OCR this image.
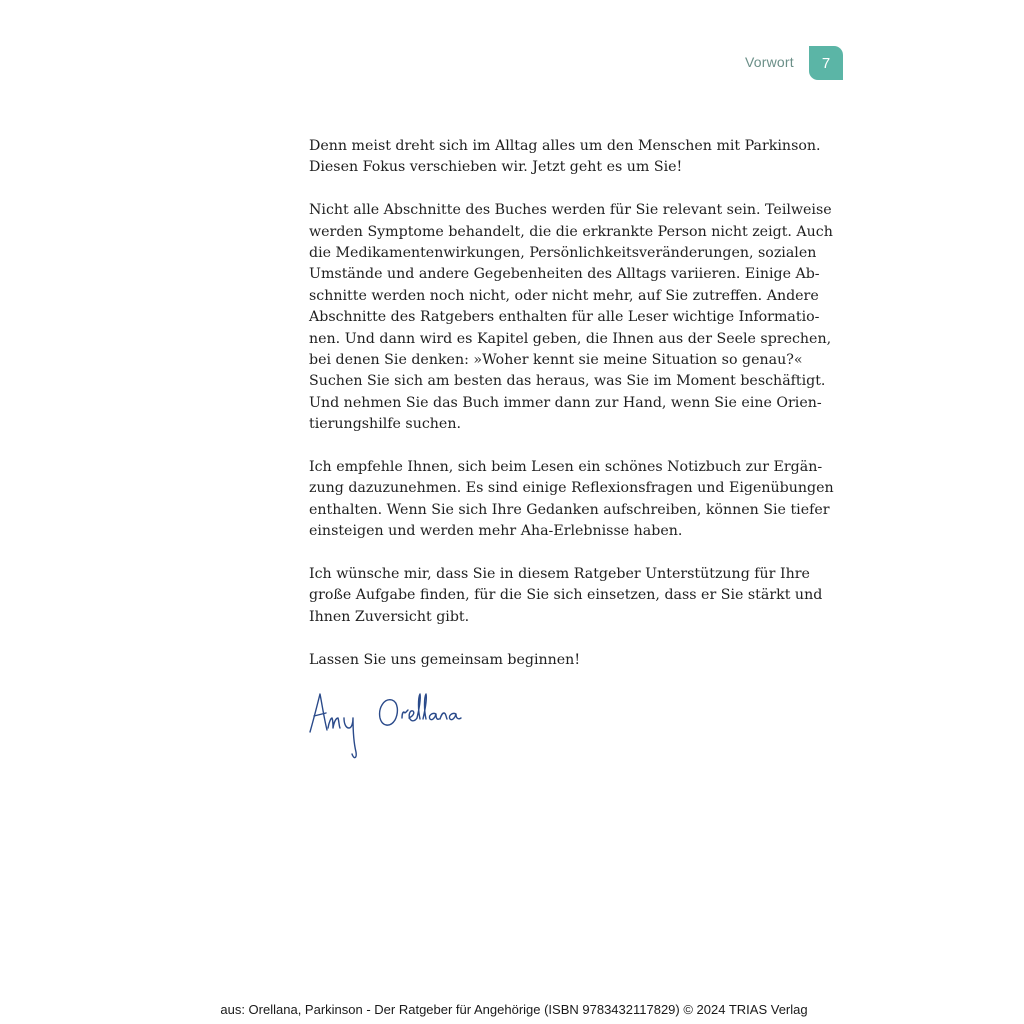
Vorwort 7
Denn meist dreht sich im Alltag alles um den Menschen mit Parkinson.
Diesen Fokus verschieben wir. Jetzt geht es um Sie!
Nicht alle Abschnitte des Buches werden für Sie relevant sein. Teilweise
werden Symptome behandelt, die die erkrankte Person nicht zeigt. Auch
die Medikamentenwirkungen, Persönlichkeitsveränderungen, sozialen
Umstände und andere Gegebenheiten des Alltags variieren. Einige Ab-
schnitte werden noch nicht, oder nicht mehr, auf Sie zutreffen. Andere
Abschnitte des Ratgebers enthalten für alle Leser wichtige Informatio-
nen. Und dann wird es Kapitel geben, die Ihnen aus der Seele sprechen,
bei denen Sie denken: »Woher kennt sie meine Situation so genau?«
Suchen Sie sich am besten das heraus, was Sie im Moment beschäftigt.
Und nehmen Sie das Buch immer dann zur Hand, wenn Sie eine Orien-
tierungshilfe suchen.
Ich empfehle Ihnen, sich beim Lesen ein schönes Notizbuch zur Ergän-
zung dazuzunehmen. Es sind einige Reflexionsfragen und Eigenübungen
enthalten. Wenn Sie sich Ihre Gedanken aufschreiben, können Sie tiefer
einsteigen und werden mehr Aha-Erlebnisse haben.
Ich wünsche mir, dass Sie in diesem Ratgeber Unterstützung für Ihre
große Aufgabe finden, für die Sie sich einsetzen, dass er Sie stärkt und
Ihnen Zuversicht gibt.
Lassen Sie uns gemeinsam beginnen!
aus: Orellana, Parkinson - Der Ratgeber für Angehörige (ISBN 9783432117829) © 2024 TRIAS Verlag
